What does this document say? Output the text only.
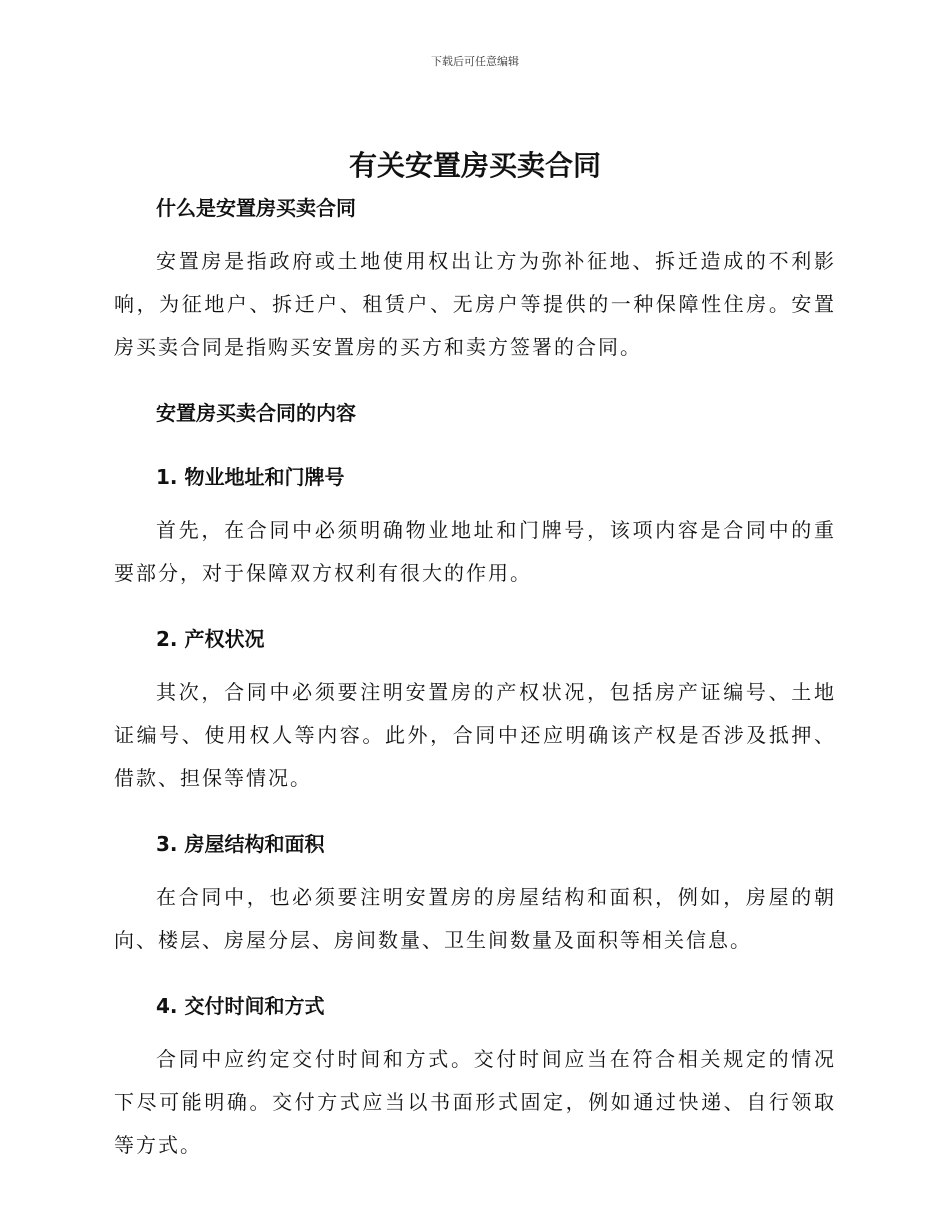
下载后可任意编辑
有关安置房买卖合同
什么是安置房买卖合同

安置房是指政府或土地使用权出让方为弥补征地、拆迁造成的不利影响，为征地户、拆迁户、租赁户、无房户等提供的一种保障性住房。安置房买卖合同是指购买安置房的买方和卖方签署的合同。

安置房买卖合同的内容
1. 物业地址和门牌号

首先，在合同中必须明确物业地址和门牌号，该项内容是合同中的重要部分，对于保障双方权利有很大的作用。

2. 产权状况

其次，合同中必须要注明安置房的产权状况，包括房产证编号、土地证编号、使用权人等内容。此外，合同中还应明确该产权是否涉及抵押、借款、担保等情况。

3. 房屋结构和面积

在合同中，也必须要注明安置房的房屋结构和面积，例如，房屋的朝向、楼层、房屋分层、房间数量、卫生间数量及面积等相关信息。

4. 交付时间和方式

合同中应约定交付时间和方式。交付时间应当在符合相关规定的情况下尽可能明确。交付方式应当以书面形式固定，例如通过快递、自行领取等方式。
